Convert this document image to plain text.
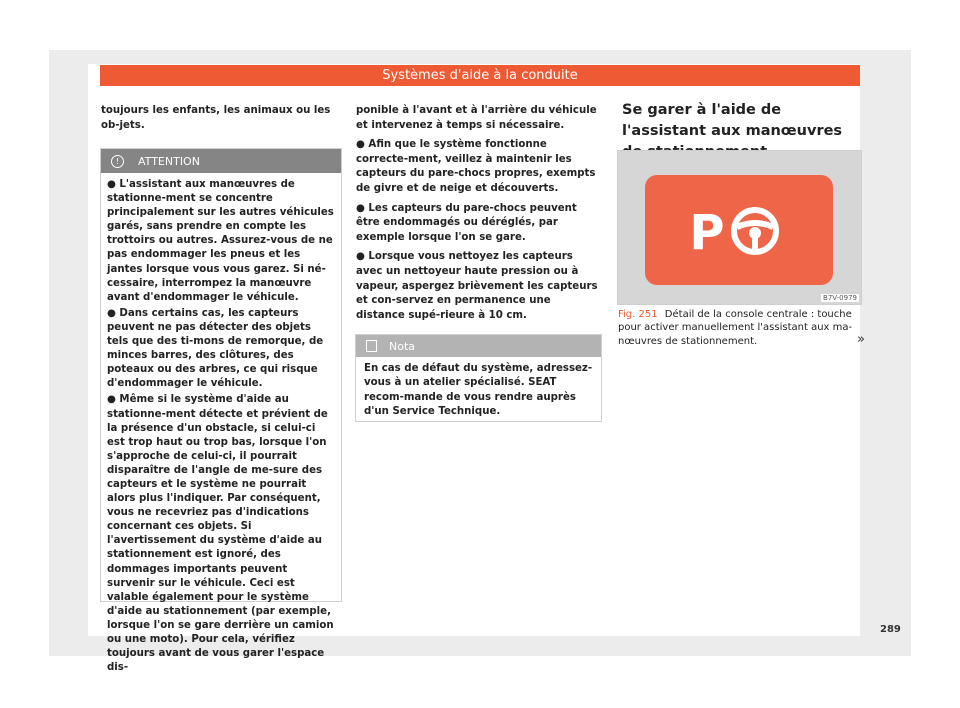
Systèmes d'aide à la conduite

toujours les enfants, les animaux ou les ob-jets.

!	ATTENTION

● L'assistant aux manœuvres de stationne-ment se concentre principalement sur les autres véhicules garés, sans prendre en compte les trottoirs ou autres. Assurez-vous de ne pas endommager les pneus et les jantes lorsque vous vous garez. Si né-cessaire, interrompez la manœuvre avant d'endommager le véhicule.

● Dans certains cas, les capteurs peuvent ne pas détecter des objets tels que des ti-mons de remorque, de minces barres, des clôtures, des poteaux ou des arbres, ce qui risque d'endommager le véhicule.

● Même si le système d'aide au stationne-ment détecte et prévient de la présence d'un obstacle, si celui-ci est trop haut ou trop bas, lorsque l'on s'approche de celui-ci, il pourrait disparaître de l'angle de me-sure des capteurs et le système ne pourrait alors plus l'indiquer. Par conséquent, vous ne recevriez pas d'indications concernant ces objets. Si l'avertissement du système d'aide au stationnement est ignoré, des dommages importants peuvent survenir sur le véhicule. Ceci est valable également pour le système d'aide au stationnement (par exemple, lorsque l'on se gare derrière un camion ou une moto). Pour cela, vérifiez toujours avant de vous garer l'espace dis-

ponible à l'avant et à l'arrière du véhicule et intervenez à temps si nécessaire.

● Afin que le système fonctionne correcte-ment, veillez à maintenir les capteurs du pare-chocs propres, exempts de givre et de neige et découverts.

● Les capteurs du pare-chocs peuvent être endommagés ou déréglés, par exemple lorsque l'on se gare.

● Lorsque vous nettoyez les capteurs avec un nettoyeur haute pression ou à vapeur, aspergez brièvement les capteurs et con-servez en permanence une distance supé-rieure à 10 cm.

Nota
En cas de défaut du système, adressez-vous à un atelier spécialisé. SEAT recom-mande de vous rendre auprès d'un Service Technique.
Se garer à l'aide de l'assistant aux manœuvres
P
B7V-0979
Fig. 251 Détail de la console centrale : touche pour activer manuellement l'assistant aux ma-nœuvres de stationnement.	»
289
